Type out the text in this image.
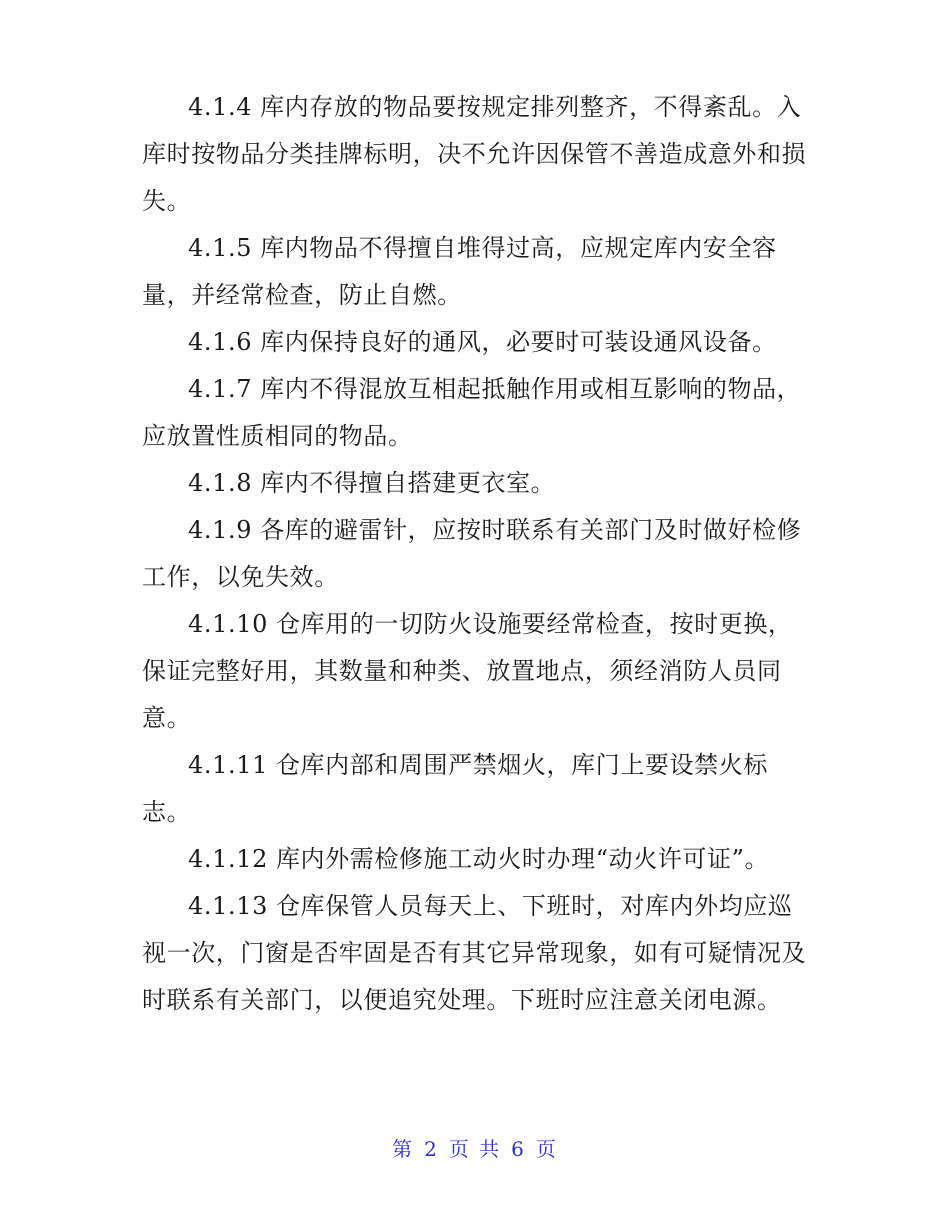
4.1.4 库内存放的物品要按规定排列整齐，不得紊乱。入库时按物品分类挂牌标明，决不允许因保管不善造成意外和损失。

4.1.5 库内物品不得擅自堆得过高，应规定库内安全容量，并经常检查，防止自燃。

4.1.6 库内保持良好的通风，必要时可装设通风设备。

4.1.7 库内不得混放互相起抵触作用或相互影响的物品，应放置性质相同的物品。

4.1.8 库内不得擅自搭建更衣室。

4.1.9 各库的避雷针，应按时联系有关部门及时做好检修工作，以免失效。

4.1.10 仓库用的一切防火设施要经常检查，按时更换，保证完整好用，其数量和种类、放置地点，须经消防人员同意。

4.1.11 仓库内部和周围严禁烟火，库门上要设禁火标志。

4.1.12 库内外需检修施工动火时办理“动火许可证”。

4.1.13 仓库保管人员每天上、下班时，对库内外均应巡视一次，门窗是否牢固是否有其它异常现象，如有可疑情况及时联系有关部门，以便追究处理。下班时应注意关闭电源。

第 2 页 共 6 页
